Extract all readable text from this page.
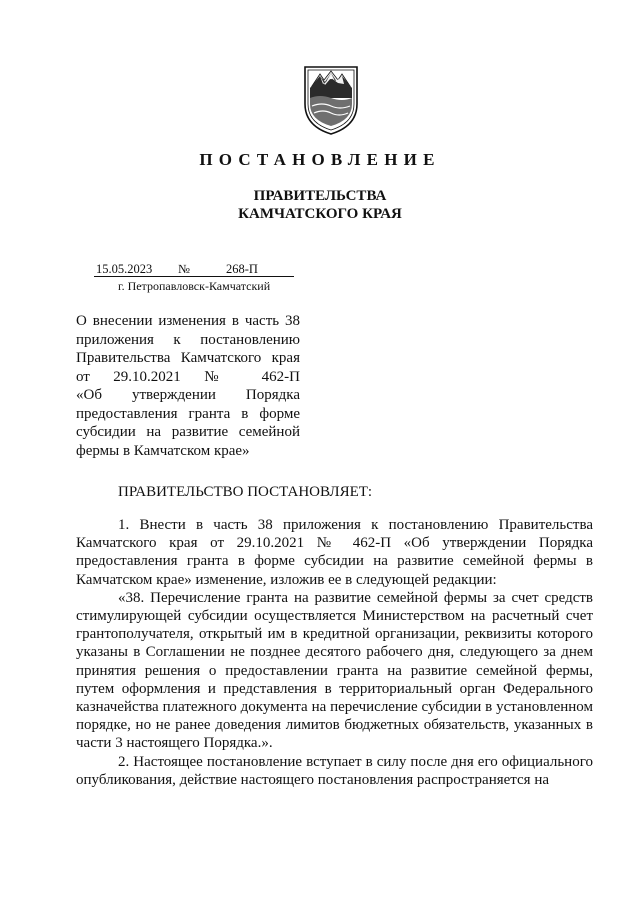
ПОСТАНОВЛЕНИЕ
ПРАВИТЕЛЬСТВА
КАМЧАТСКОГО КРАЯ
15.05.2023 №	268-П
г. Петропавловск-Камчатский
О внесении изменения в часть 38
приложения к постановлению
Правительства Камчатского края
от 29.10.2021 № 462-П
«Об утверждении Порядка
предоставления гранта в форме
субсидии на развитие семейной
фермы в Камчатском крае»
ПРАВИТЕЛЬСТВО ПОСТАНОВЛЯЕТ:

1. Внести в часть 38 приложения к постановлению Правительства Камчатского края от 29.10.2021 № 462-П «Об утверждении Порядка предоставления гранта в форме субсидии на развитие семейной фермы в Камчатском крае» изменение, изложив ее в следующей редакции:

«38. Перечисление гранта на развитие семейной фермы за счет средств стимулирующей субсидии осуществляется Министерством на расчетный счет грантополучателя, открытый им в кредитной организации, реквизиты которого указаны в Соглашении не позднее десятого рабочего дня, следующего за днем принятия решения о предоставлении гранта на развитие семейной фермы, путем оформления и представления в территориальный орган Федерального казначейства платежного документа на перечисление субсидии в установленном порядке, но не ранее доведения лимитов бюджетных обязательств, указанных в части 3 настоящего Порядка.».

2. Настоящее постановление вступает в силу после дня его официального опубликования, действие настоящего постановления распространяется на
